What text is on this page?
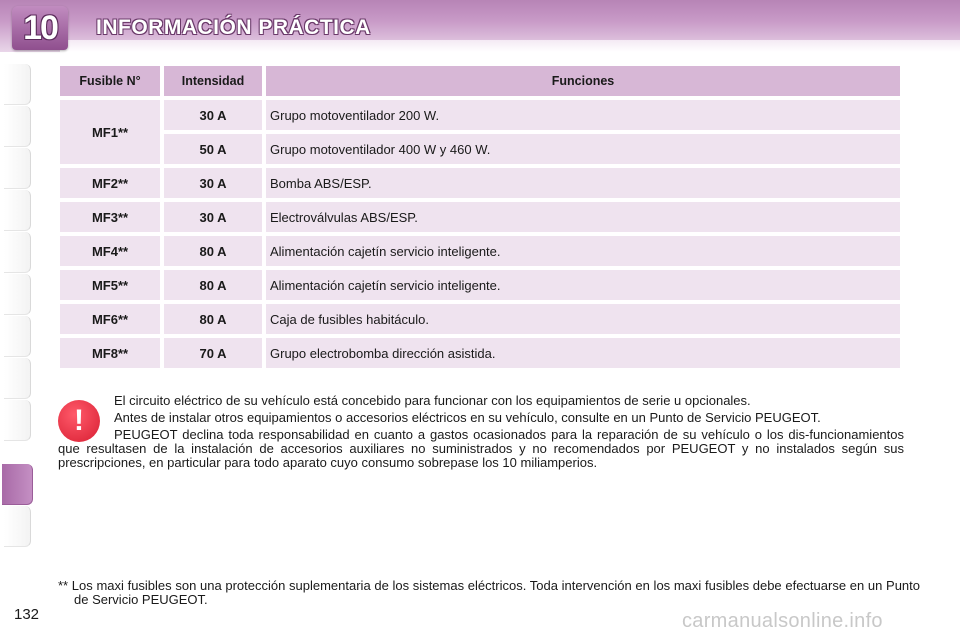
10	INFORMACIÓN PRÁCTICA
Fusible N°	Intensidad	Funciones
MF1**	30 A	Grupo motoventilador 200 W.
	50 A	Grupo motoventilador 400 W y 460 W.
MF2**	30 A	Bomba ABS/ESP.
MF3**	30 A	Electroválvulas ABS/ESP.
MF4**	80 A	Alimentación cajetín servicio inteligente.
MF5**	80 A	Alimentación cajetín servicio inteligente.
MF6**	80 A	Caja de fusibles habitáculo.
MF8**	70 A	Grupo electrobomba dirección asistida.
!

El circuito eléctrico de su vehículo está concebido para funcionar con los equipamientos de serie u opcionales.

Antes de instalar otros equipamientos o accesorios eléctricos en su vehículo, consulte en un Punto de Servicio PEUGEOT.

PEUGEOT declina toda responsabilidad en cuanto a gastos ocasionados para la reparación de su vehículo o los dis-funcionamientos que resultasen de la instalación de accesorios auxiliares no suministrados y no recomendados por PEUGEOT y no instalados según sus prescripciones, en particular para todo aparato cuyo consumo sobrepase los 10 miliamperios.

** Los maxi fusibles son una protección suplementaria de los sistemas eléctricos. Toda intervención en los maxi fusibles debe efectuarse en un Punto de Servicio PEUGEOT.
132	carmanualsonline.info
